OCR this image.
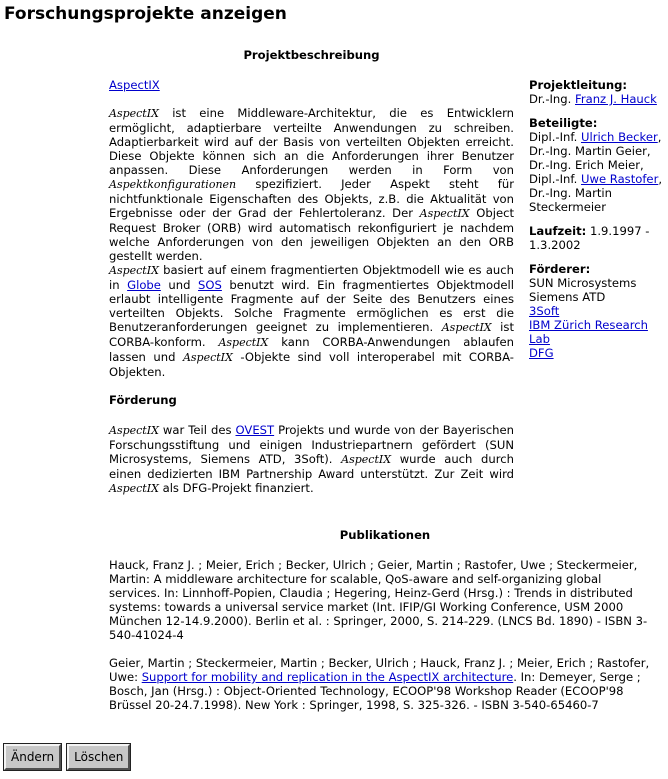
Forschungsprojekte anzeigen
Projektbeschreibung
AspectIX

AspectIX ist eine Middleware-Architektur, die es Entwicklern ermöglicht, adaptierbare verteilte Anwendungen zu schreiben. Adaptierbarkeit wird auf der Basis von verteilten Objekten erreicht. Diese Objekte können sich an die Anforderungen ihrer Benutzer anpassen. Diese Anforderungen werden in Form von Aspektkonfigurationen spezifiziert. Jeder Aspekt steht für nichtfunktionale Eigenschaften des Objekts, z.B. die Aktualität von Ergebnisse oder der Grad der Fehlertoleranz. Der AspectIX Object Request Broker (ORB) wird automatisch rekonfiguriert je nachdem welche Anforderungen von den jeweiligen Objekten an den ORB gestellt werden.

AspectIX basiert auf einem fragmentierten Objektmodell wie es auch in Globe und SOS benutzt wird. Ein fragmentiertes Objektmodell erlaubt intelligente Fragmente auf der Seite des Benutzers eines verteilten Objekts. Solche Fragmente ermöglichen es erst die Benutzeranforderungen geeignet zu implementieren. AspectIX ist CORBA-konform. AspectIX kann CORBA-Anwendungen ablaufen lassen und AspectIX -Objekte sind voll interoperabel mit CORBA-Objekten.

Förderung

AspectIX war Teil des OVEST Projekts und wurde von der Bayerischen Forschungsstiftung und einigen Industriepartnern gefördert (SUN Microsystems, Siemens ATD, 3Soft). AspectIX wurde auch durch einen dedizierten IBM Partnership Award unterstützt. Zur Zeit wird AspectIX als DFG-Projekt finanziert.

Publikationen

Hauck, Franz J. ; Meier, Erich ; Becker, Ulrich ; Geier, Martin ; Rastofer, Uwe ; Steckermeier, Martin: A middleware architecture for scalable, QoS-aware and self-organizing global services. In: Linnhoff-Popien, Claudia ; Hegering, Heinz-Gerd (Hrsg.) : Trends in distributed systems: towards a universal service market (Int. IFIP/GI Working Conference, USM 2000 München 12-14.9.2000). Berlin et al. : Springer, 2000, S. 214-229. (LNCS Bd. 1890) - ISBN 3-540-41024-4

Geier, Martin ; Steckermeier, Martin ; Becker, Ulrich ; Hauck, Franz J. ; Meier, Erich ; Rastofer, Uwe: Support for mobility and replication in the AspectIX architecture. In: Demeyer, Serge ; Bosch, Jan (Hrsg.) : Object-Oriented Technology, ECOOP'98 Workshop Reader (ECOOP'98 Brüssel 20-24.7.1998). New York : Springer, 1998, S. 325-326. - ISBN 3-540-65460-7

Projektleitung:
Dr.-Ing. Franz J. Hauck
Beteiligte:
Dipl.-Inf. Ulrich Becker,
Dr.-Ing. Martin Geier,
Dr.-Ing. Erich Meier,
Dipl.-Inf. Uwe Rastofer,
Dr.-Ing. Martin Steckermeier
Laufzeit: 1.9.1997 - 1.3.2002
Förderer:
SUN Microsystems
Siemens ATD
3Soft
IBM Zürich Research Lab
DFG
Ändern	Löschen
